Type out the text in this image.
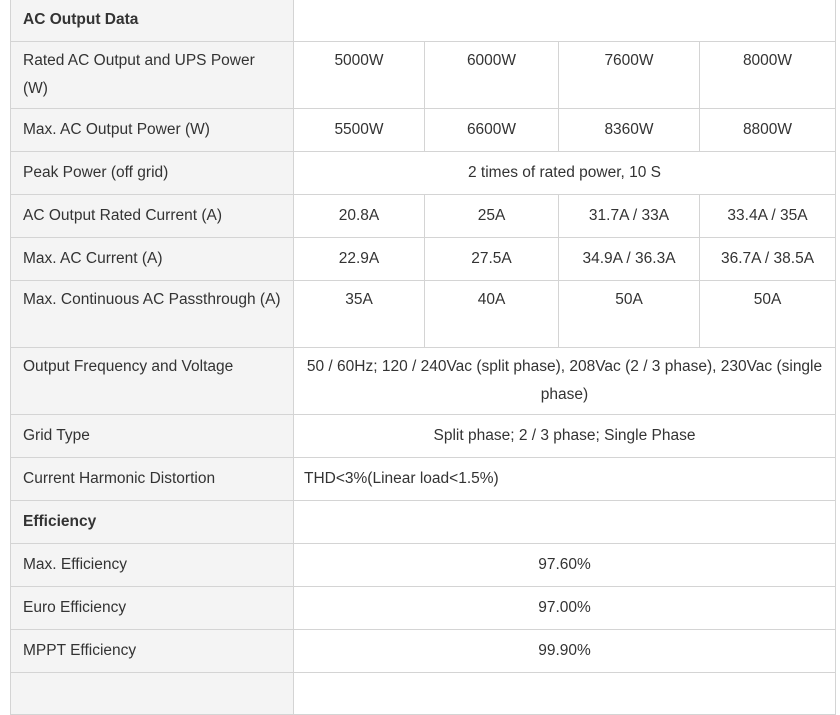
AC Output Data				
Rated AC Output and UPS Power (W)	5000W	6000W	7600W	8000W
Max. AC Output Power (W)	5500W	6600W	8360W	8800W
Peak Power (off grid)	2 times of rated power, 10 S			
AC Output Rated Current (A)	20.8A	25A	31.7A / 33A	33.4A / 35A
Max. AC Current (A)	22.9A	27.5A	34.9A / 36.3A	36.7A / 38.5A
Max. Continuous AC Passthrough (A)	35A	40A	50A	50A
Output Frequency and Voltage	50 / 60Hz; 120 / 240Vac (split phase), 208Vac (2 / 3 phase), 230Vac (single phase)			
Grid Type	Split phase; 2 / 3 phase; Single Phase			
Current Harmonic Distortion	THD<3%(Linear load<1.5%)			
Efficiency				
Max. Efficiency	97.60%			
Euro Efficiency	97.00%			
MPPT Efficiency	99.90%			
